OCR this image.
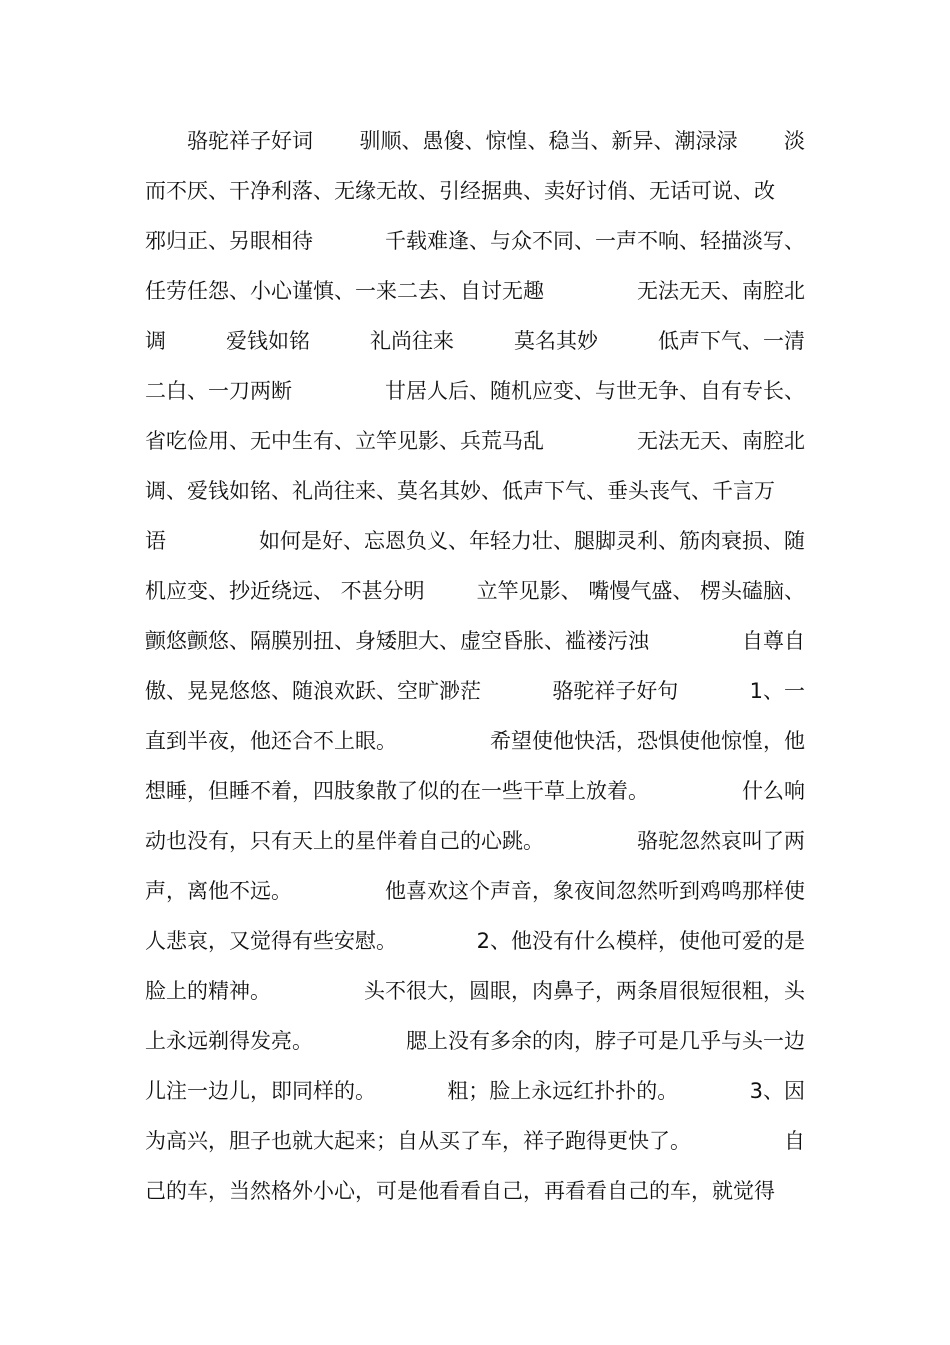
　　骆驼祥子好词 驯顺、愚傻、惊惶、稳当、新异、潮渌渌 淡
而不厌、干净利落、无缘无故、引经据典、卖好讨俏、无话可说、改
邪归正、另眼相待	千载难逢、与众不同、一声不响、轻描淡写、
任劳任怨、小心谨慎、一来二去、自讨无趣	无法无天、南腔北
调	爱钱如铭	礼尚往来	莫名其妙	低声下气、一清
二白、一刀两断	甘居人后、随机应变、与世无争、自有专长、
省吃俭用、无中生有、立竿见影、兵荒马乱	无法无天、南腔北
调、爱钱如铭、礼尚往来、莫名其妙、低声下气、垂头丧气、千言万
语	如何是好、忘恩负义、年轻力壮、腿脚灵利、筋肉衰损、随
机应变、抄近绕远、 不甚分明 立竿见影、 嘴慢气盛、 楞头磕脑、
颤悠颤悠、隔膜别扭、身矮胆大、虚空昏胀、褴褛污浊	自尊自
傲、晃晃悠悠、随浪欢跃、空旷渺茫	骆驼祥子好句	1、一
直到半夜，他还合不上眼。	希望使他快活，恐惧使他惊惶，他
想睡，但睡不着，四肢象散了似的在一些干草上放着。	什么响
动也没有，只有天上的星伴着自己的心跳。	骆驼忽然哀叫了两
声，离他不远。	他喜欢这个声音，象夜间忽然听到鸡鸣那样使
人悲哀，又觉得有些安慰。	2、他没有什么模样，使他可爱的是
脸上的精神。	头不很大，圆眼，肉鼻子，两条眉很短很粗，头
上永远剃得发亮。	腮上没有多余的肉，脖子可是几乎与头一边
儿注一边儿，即同样的。	粗；脸上永远红扑扑的。	3、因
为高兴，胆子也就大起来；自从买了车，祥子跑得更快了。	自
己的车，当然格外小心，可是他看看自己，再看看自己的车，就觉得
